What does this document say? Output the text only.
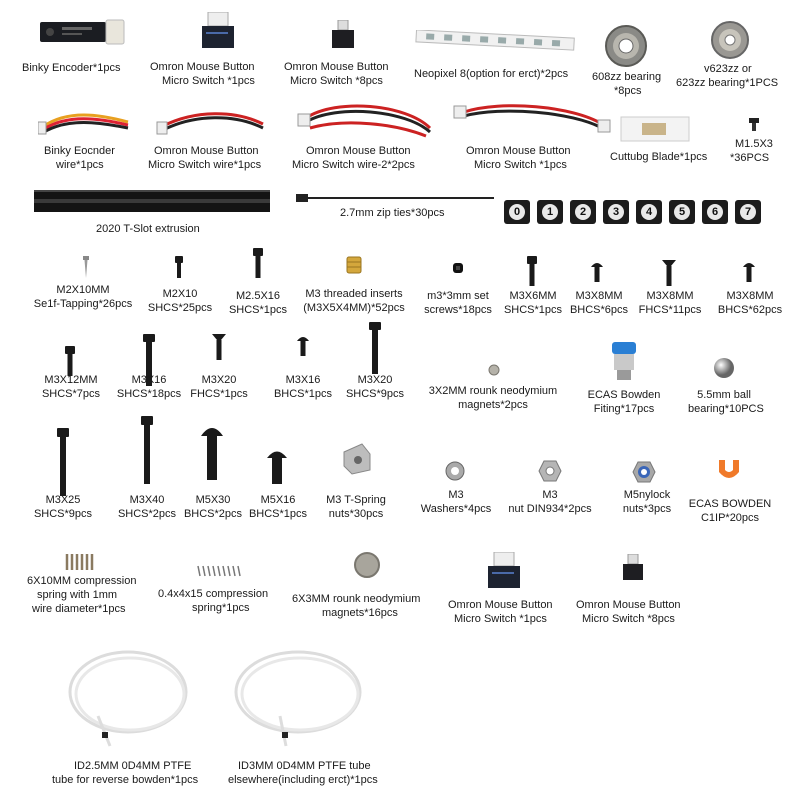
Binky Encoder*1pcs	Omron Mouse Button
Micro Switch *1pcs
Omron Mouse Button
Micro Switch *8pcs
Neopixel 8(option for erct)*2pcs 608zz bearing
*8pcs
v623zz or
623zz bearing*1PCS
Binky Eocnder
wire*1pcs
Omron Mouse Button
Micro Switch wire*1pcs
Omron Mouse Button
Micro Switch wire-2*2pcs
Omron Mouse Button
Micro Switch *1pcs
Cuttubg Blade*1pcs
M1.5X3
*36PCS
2020 T-Slot extrusion
2.7mm zip ties*30pcs	0	1	2	3	4	5	6	7
M2X10MM
Se1f-Tapping*26pcs
M2X10
SHCS*25pcs
M2.5X16
SHCS*1pcs
M3 threaded inserts
(M3X5X4MM)*52pcs
m3*3mm set
screws*18pcs
M3X6MM
SHCS*1pcs
M3X8MM
BHCS*6pcs
M3X8MM
FHCS*11pcs
M3X8MM
BHCS*62pcs
M3X12MM
SHCS*7pcs
M3X16
SHCS*18pcs
M3X20
FHCS*1pcs
M3X16
BHCS*1pcs
M3X20
SHCS*9pcs	3X2MM rounk neodymium
magnets*2pcs
ECAS Bowden
Fiting*17pcs
5.5mm ball
bearing*10PCS
M3X25
SHCS*9pcs
M3X40
SHCS*2pcs
M5X30
BHCS*2pcs
M5X16
BHCS*1pcs
M3 T-Spring
nuts*30pcs
M3
Washers*4pcs
M3
nut DIN934*2pcs
M5nylock
nuts*3pcs	ECAS BOWDEN
C1IP*20pcs
6X10MM compression
spring with 1mm
wire diameter*1pcs
0.4x4x15 compression
spring*1pcs
6X3MM rounk neodymium
magnets*16pcs
Omron Mouse Button
Micro Switch *1pcs
Omron Mouse Button
Micro Switch *8pcs
ID2.5MM 0D4MM PTFE
tube for reverse bowden*1pcs
ID3MM 0D4MM PTFE tube
elsewhere(including erct)*1pcs
